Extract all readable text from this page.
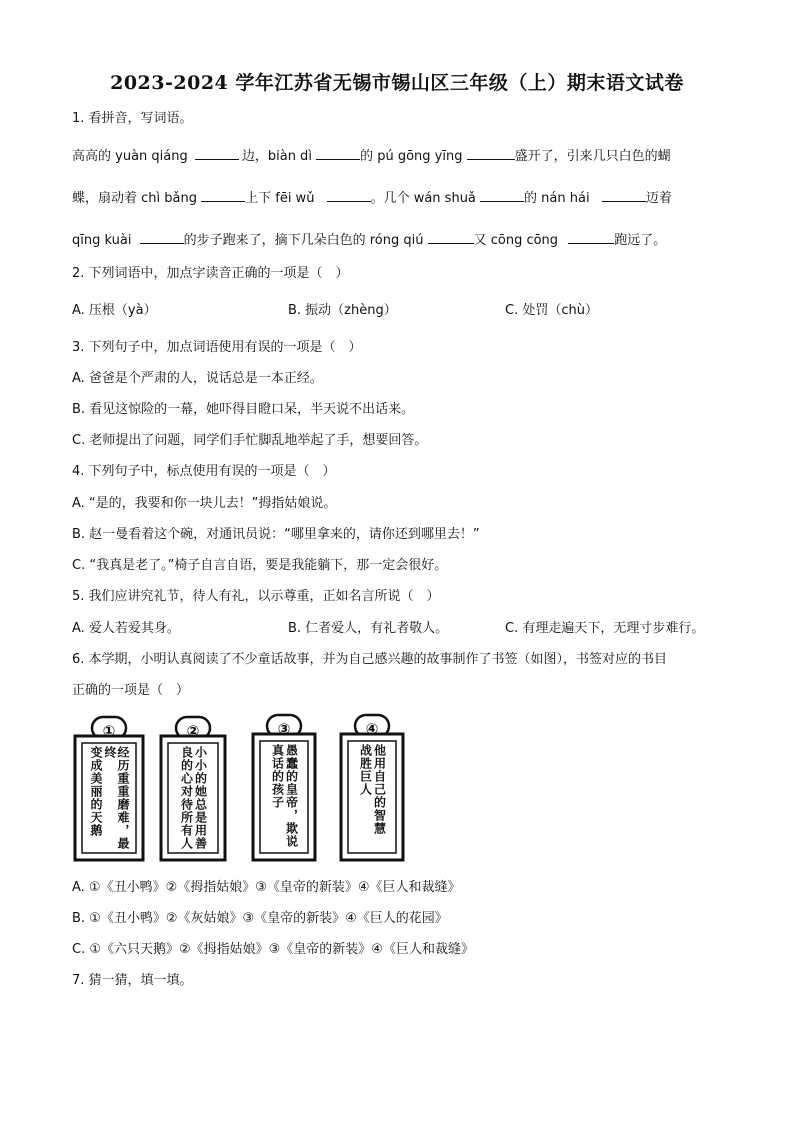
2023-2024 学年江苏省无锡市锡山区三年级（上）期末语文试卷
1. 看拼音，写词语。
高高的 yuàn qiáng	边，biàn dì	的 pú gōng yīng	盛开了，引来几只白色的蝴
蝶，扇动着 chì bǎng	上下 fēi wǔ	。几个 wán shuǎ	的 nán hái	迈着
qīng kuài	的步子跑来了，摘下几朵白色的 róng qiú	又 cōng cōng	跑远了。
2. 下列词语中，加点字读音正确的一项是（　）
A. 压根（yà）	B. 振动（zhèng）	C. 处罚（chù）
3. 下列句子中，加点词语使用有误的一项是（　）
A. 爸爸是个严肃的人，说话总是一本正经。
B. 看见这惊险的一幕，她吓得目瞪口呆，半天说不出话来。
C. 老师提出了问题，同学们手忙脚乱地举起了手，想要回答。
4. 下列句子中，标点使用有误的一项是（　）
A. “是的，我要和你一块儿去！”拇指姑娘说。
B. 赵一曼看着这个碗，对通讯员说：“哪里拿来的，请你还到哪里去！”
C. “我真是老了。”椅子自言自语，要是我能躺下，那一定会很好。
5. 我们应讲究礼节，待人有礼，以示尊重，正如名言所说（　）
A. 爱人若爱其身。	B. 仁者爱人，有礼者敬人。	C. 有理走遍天下，无理寸步难行。
6. 本学期，小明认真阅读了不少童话故事，并为自己感兴趣的故事制作了书签（如图），书签对应的书目
正确的一项是（　）
①
经历重重磨难，最终
变成美丽的天鹅
②
小小的她总是用善
良的心对待所有人
③
愚蠢的皇帝，欺说
真话的孩子
④
他用自己的智慧
战胜巨人
A. ①《丑小鸭》②《拇指姑娘》③《皇帝的新装》④《巨人和裁缝》
B. ①《丑小鸭》②《灰姑娘》③《皇帝的新装》④《巨人的花园》
C. ①《六只天鹅》②《拇指姑娘》③《皇帝的新装》④《巨人和裁缝》
7. 猜一猜，填一填。
